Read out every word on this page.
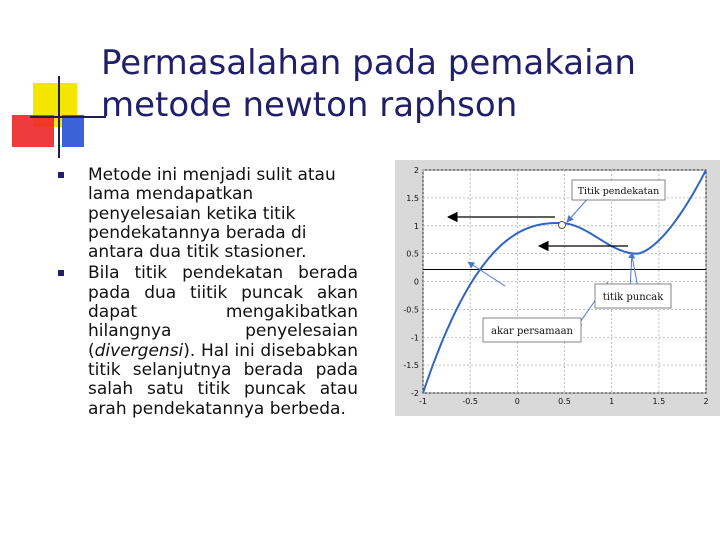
Permasalahan pada pemakaian metode newton raphson
Metode ini menjadi sulit atau lama mendapatkan penyelesaian ketika titik pendekatannya berada di antara dua titik stasioner.
Bila titik pendekatan berada pada dua tiitik puncak akan dapat mengakibatkan hilangnya penyelesaian (divergensi). Hal ini disebabkan titik selanjutnya berada pada salah satu titik puncak atau arah pendekatannya berbeda.
2
1.5
1
0.5
0
-0.5
-1
-1.5
-2
-1	-0.5	0	0.5	1	1.5	2
Titik pendekatan
titik puncak
akar persamaan
